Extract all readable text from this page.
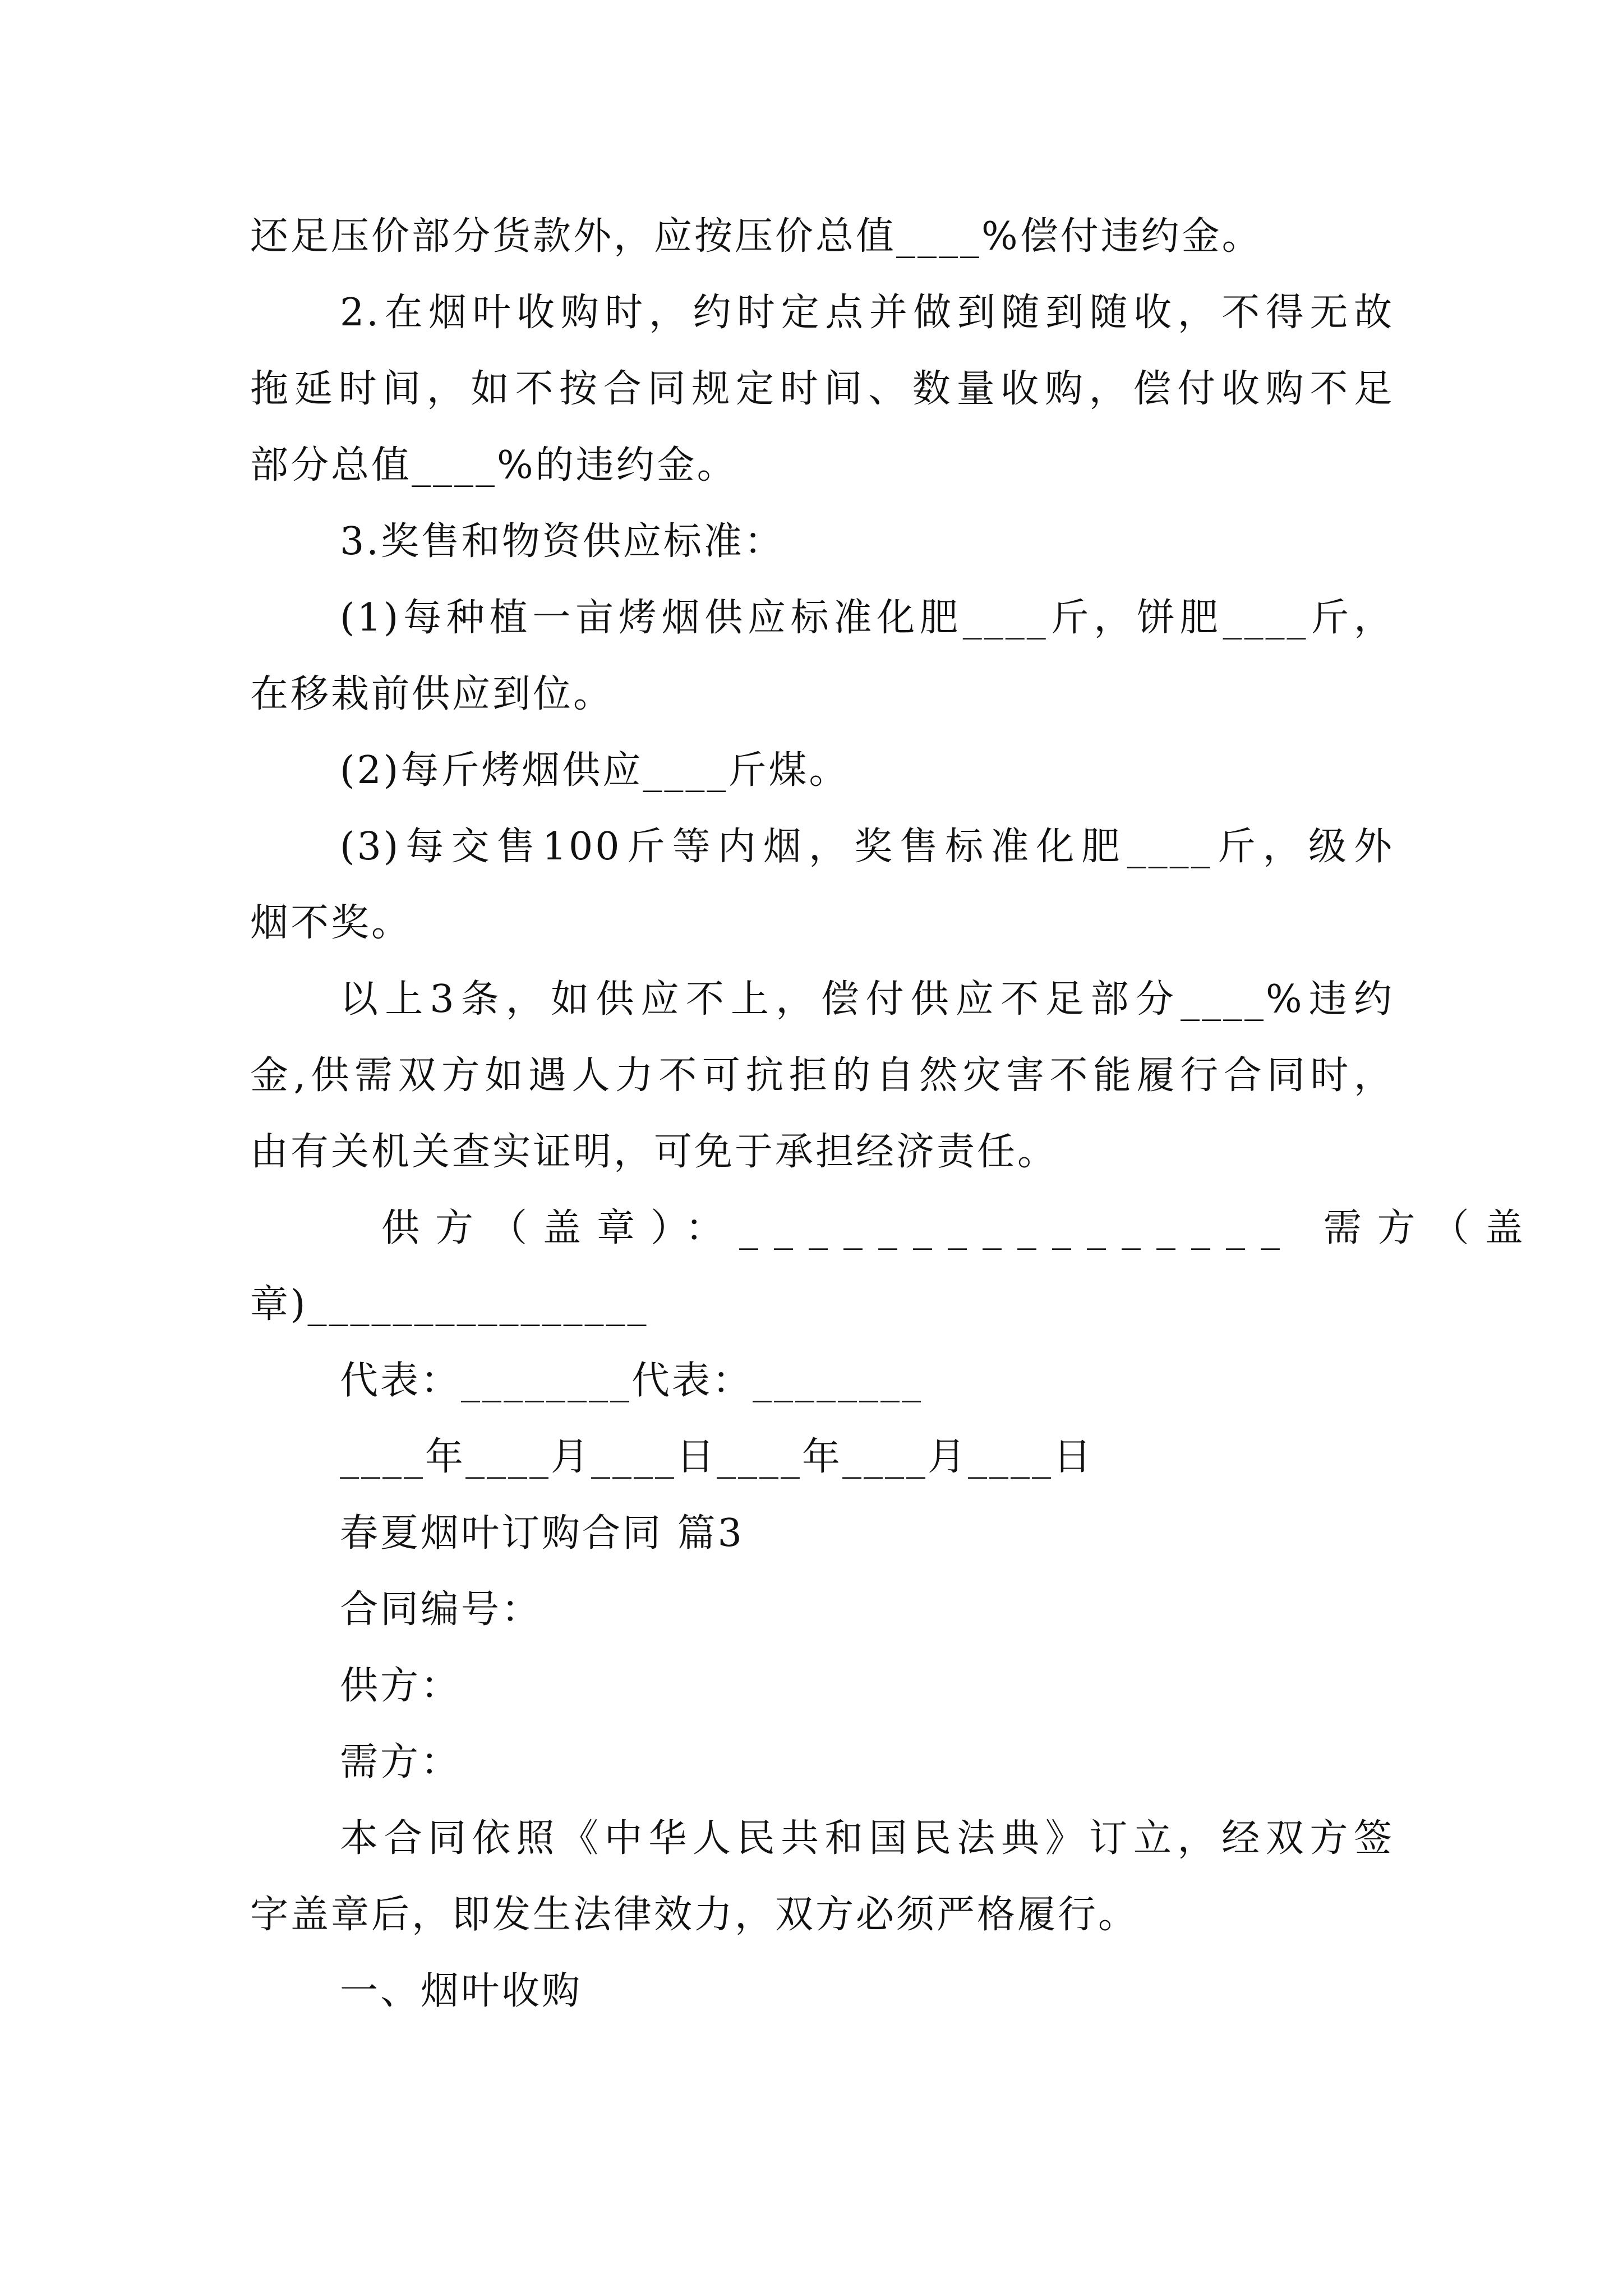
还足压价部分货款外，应按压价总值____%偿付违约金。
2.在烟叶收购时，约时定点并做到随到随收，不得无故
拖延时间，如不按合同规定时间、数量收购，偿付收购不足
部分总值____%的违约金。
3.奖售和物资供应标准：
(1)每种植一亩烤烟供应标准化肥____斤，饼肥____斤，
在移栽前供应到位。
(2)每斤烤烟供应____斤煤。
(3)每交售100斤等内烟，奖售标准化肥____斤，级外
烟不奖。
以上3条，如供应不上，偿付供应不足部分____%违约
金,供需双方如遇人力不可抗拒的自然灾害不能履行合同时，
由有关机关查实证明，可免于承担经济责任。
供方（盖章）：________________ 需方（盖
章)________________
代表：________代表：________
____年____月____日____年____月____日
春夏烟叶订购合同 篇3
合同编号：
供方：
需方：
本合同依照《中华人民共和国民法典》订立，经双方签
字盖章后，即发生法律效力，双方必须严格履行。
一、烟叶收购
